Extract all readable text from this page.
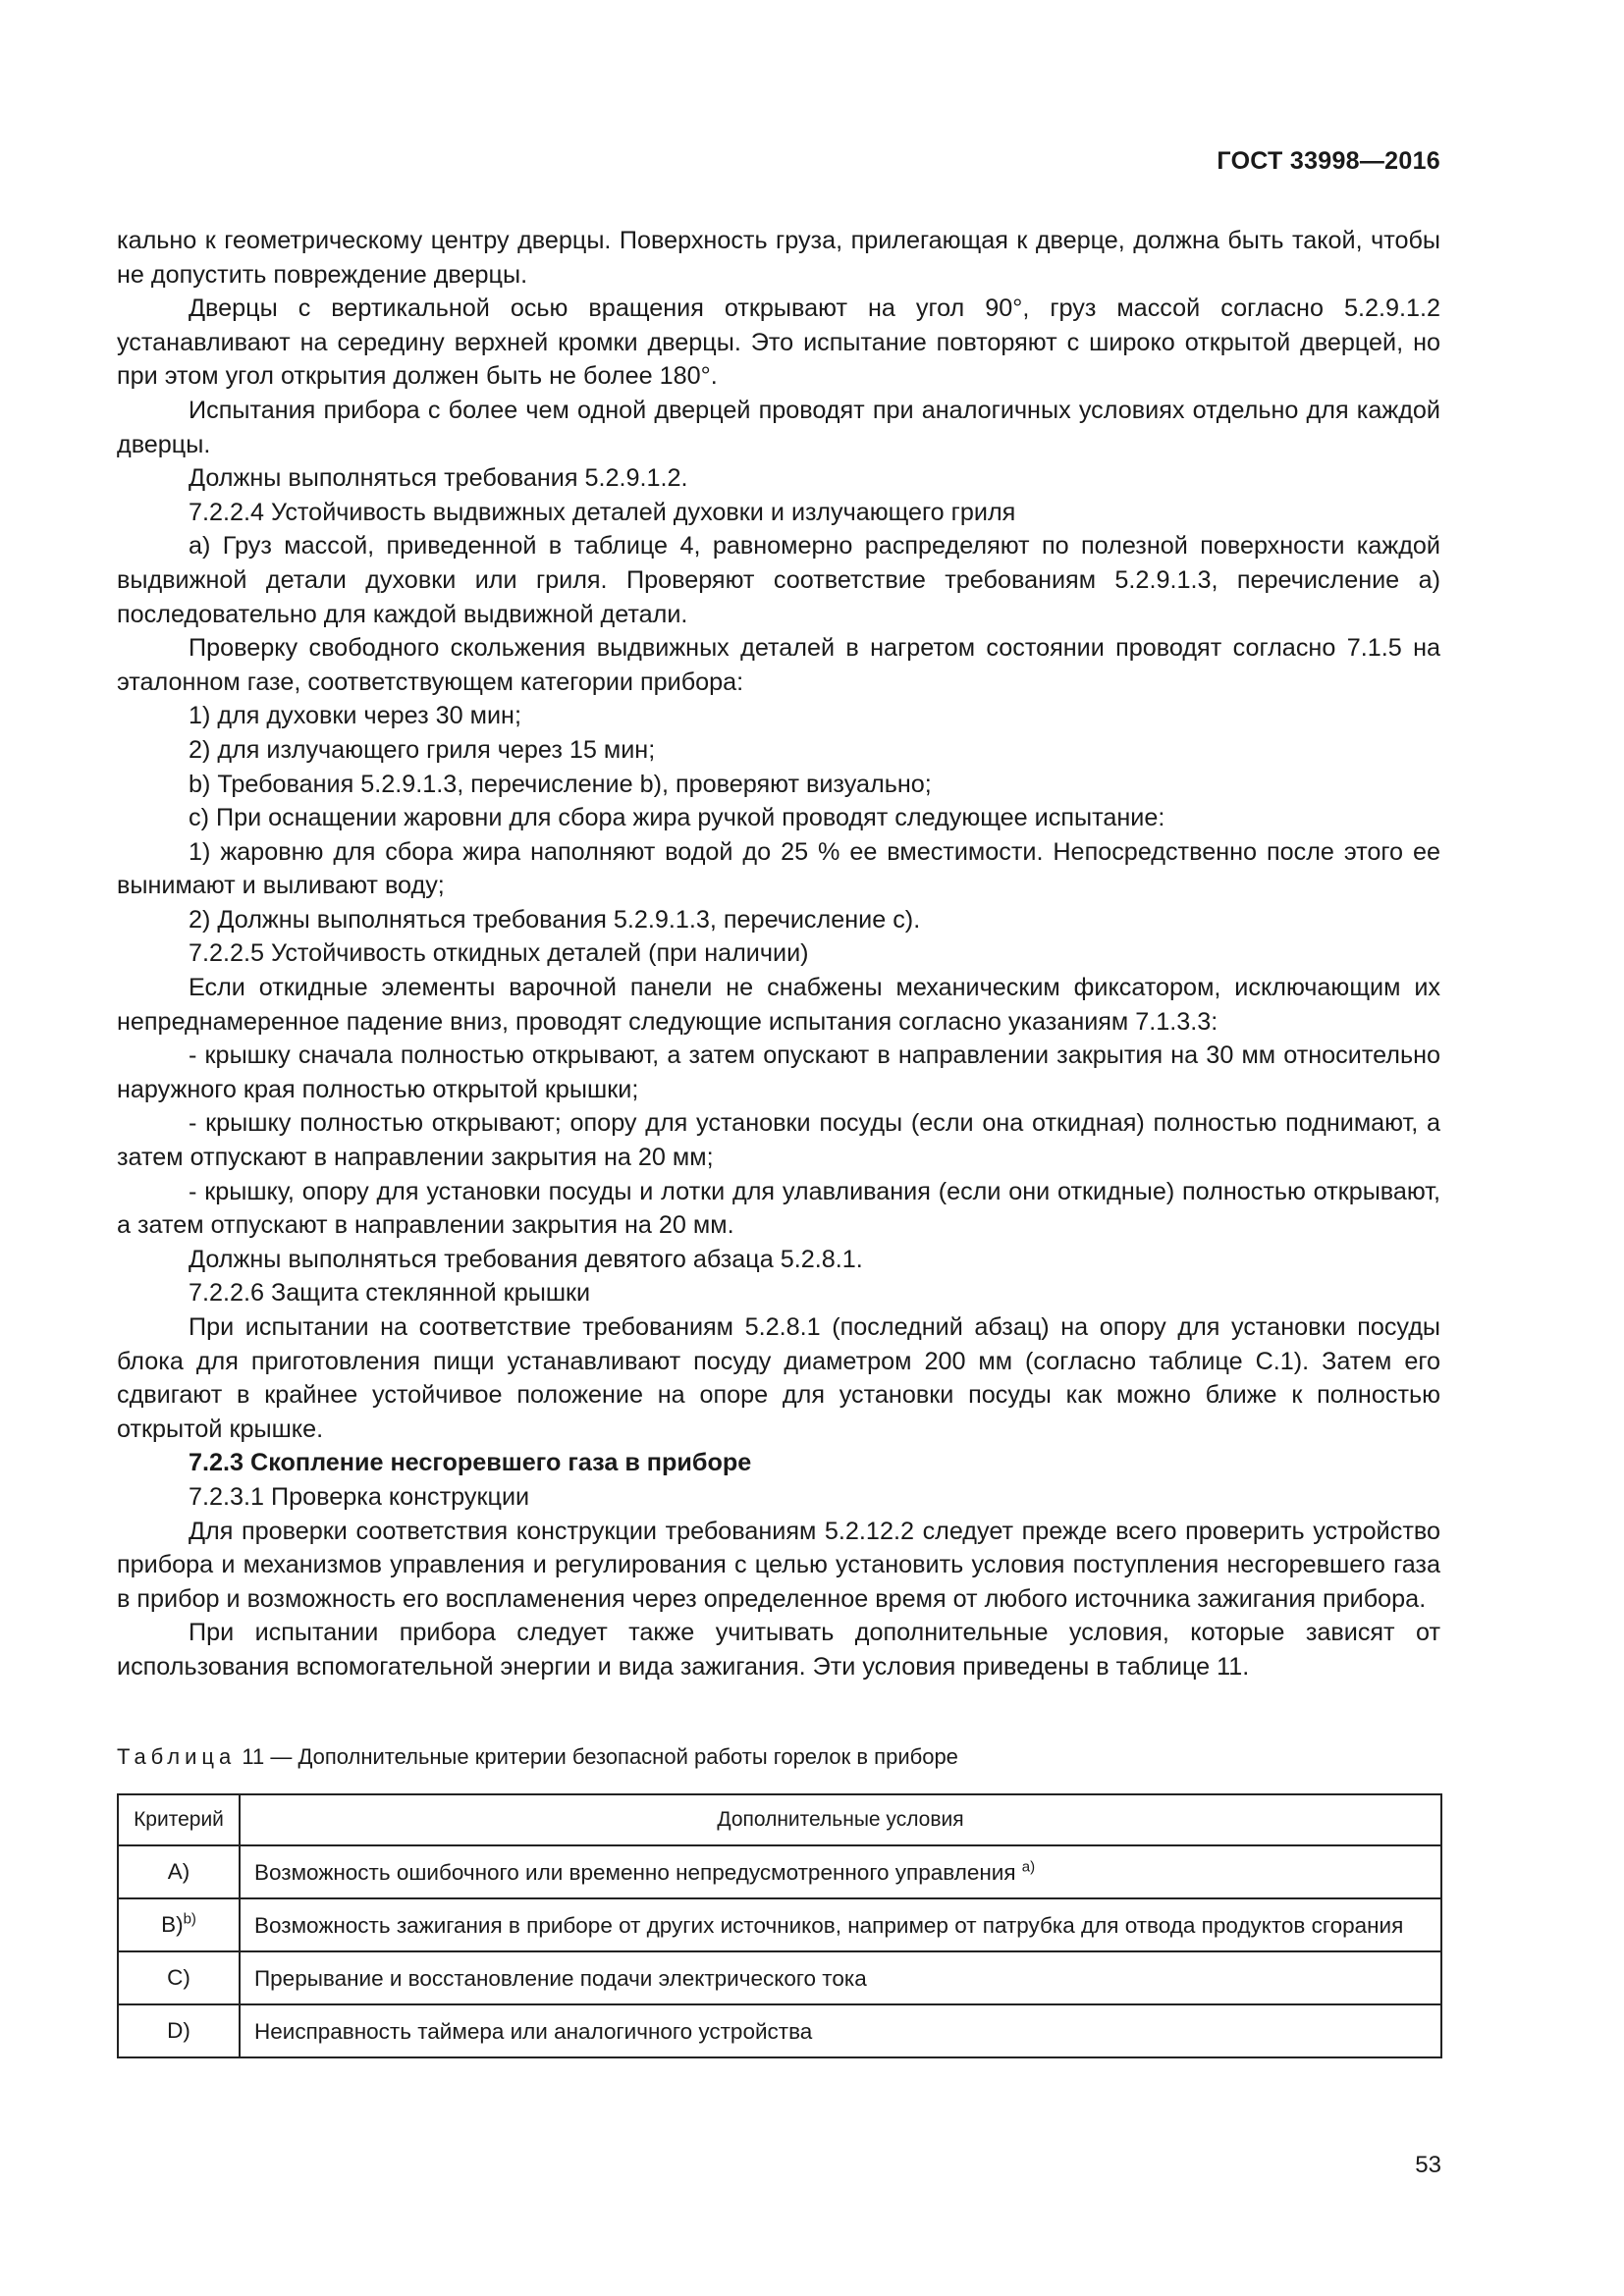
ГОСТ 33998—2016

кально к геометрическому центру дверцы. Поверхность груза, прилегающая к дверце, должна быть такой, чтобы не допустить повреждение дверцы.

Дверцы с вертикальной осью вращения открывают на угол 90°, груз массой согласно 5.2.9.1.2 устанавливают на середину верхней кромки дверцы. Это испытание повторяют с широко открытой дверцей, но при этом угол открытия должен быть не более 180°.

Испытания прибора с более чем одной дверцей проводят при аналогичных условиях отдельно для каждой дверцы.

Должны выполняться требования 5.2.9.1.2.

7.2.2.4 Устойчивость выдвижных деталей духовки и излучающего гриля

а) Груз массой, приведенной в таблице 4, равномерно распределяют по полезной поверхности каждой выдвижной детали духовки или гриля. Проверяют соответствие требованиям 5.2.9.1.3, перечисление а) последовательно для каждой выдвижной детали.

Проверку свободного скольжения выдвижных деталей в нагретом состоянии проводят согласно 7.1.5 на эталонном газе, соответствующем категории прибора:

1) для духовки через 30 мин;

2) для излучающего гриля через 15 мин;

b) Требования 5.2.9.1.3, перечисление b), проверяют визуально;

c) При оснащении жаровни для сбора жира ручкой проводят следующее испытание:

1) жаровню для сбора жира наполняют водой до 25 % ее вместимости. Непосредственно после этого ее вынимают и выливают воду;

2) Должны выполняться требования 5.2.9.1.3, перечисление c).

7.2.2.5 Устойчивость откидных деталей (при наличии)

Если откидные элементы варочной панели не снабжены механическим фиксатором, исключающим их непреднамеренное падение вниз, проводят следующие испытания согласно указаниям 7.1.3.3:

- крышку сначала полностью открывают, а затем опускают в направлении закрытия на 30 мм относительно наружного края полностью открытой крышки;

- крышку полностью открывают; опору для установки посуды (если она откидная) полностью поднимают, а затем отпускают в направлении закрытия на 20 мм;

- крышку, опору для установки посуды и лотки для улавливания (если они откидные) полностью открывают, а затем отпускают в направлении закрытия на 20 мм.

Должны выполняться требования девятого абзаца 5.2.8.1.

7.2.2.6 Защита стеклянной крышки

При испытании на соответствие требованиям 5.2.8.1 (последний абзац) на опору для установки посуды блока для приготовления пищи устанавливают посуду диаметром 200 мм (согласно таблице С.1). Затем его сдвигают в крайнее устойчивое положение на опоре для установки посуды как можно ближе к полностью открытой крышке.

7.2.3 Скопление несгоревшего газа в приборе

7.2.3.1 Проверка конструкции

Для проверки соответствия конструкции требованиям 5.2.12.2 следует прежде всего проверить устройство прибора и механизмов управления и регулирования с целью установить условия поступления несгоревшего газа в прибор и возможность его воспламенения через определенное время от любого источника зажигания прибора.

При испытании прибора следует также учитывать дополнительные условия, которые зависят от использования вспомогательной энергии и вида зажигания. Эти условия приведены в таблице 11.

Таблица 11 — Дополнительные критерии безопасной работы горелок в приборе
Критерий	Дополнительные условия
A)	Возможность ошибочного или временно непредусмотренного управления $^{a)}$
B)$^{b)}$	Возможность зажигания в приборе от других источников, например от патрубка для отвода продуктов сгорания
C)	Прерывание и восстановление подачи электрического тока
D)	Неисправность таймера или аналогичного устройства
53
